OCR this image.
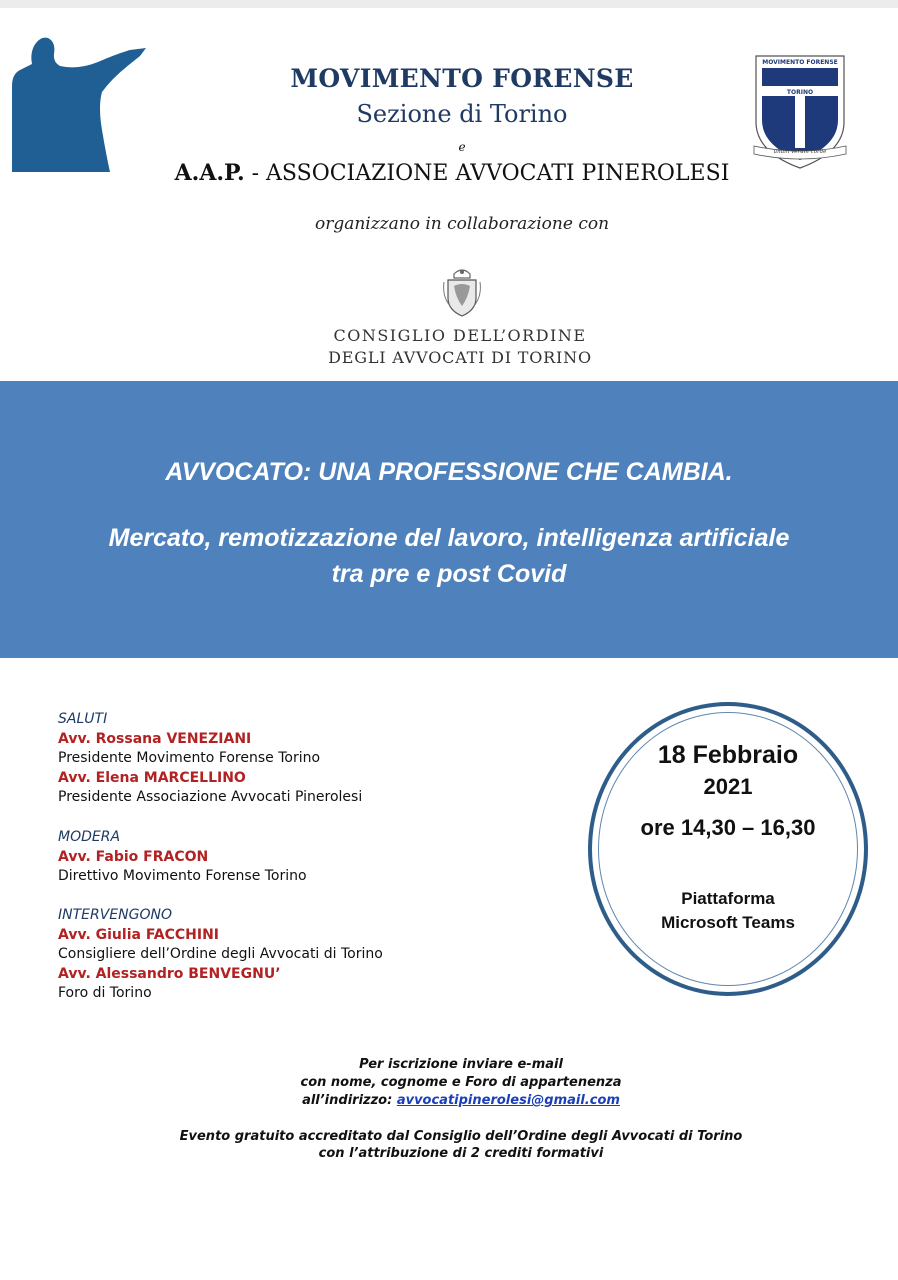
MOVIMENTO FORENSE
TORINO
unum verum corde
MOVIMENTO FORENSE
Sezione di Torino
e
A.A.P. - ASSOCIAZIONE AVVOCATI PINEROLESI
organizzano in collaborazione con
CONSIGLIO DELL’ORDINE
DEGLI AVVOCATI DI TORINO
AVVOCATO: UNA PROFESSIONE CHE CAMBIA.
Mercato, remotizzazione del lavoro, intelligenza artificiale
tra pre e post Covid
SALUTI
Avv. Rossana VENEZIANI
Presidente Movimento Forense Torino
Avv. Elena MARCELLINO
Presidente Associazione Avvocati Pinerolesi
MODERA
Avv. Fabio FRACON
Direttivo Movimento Forense Torino
INTERVENGONO
Avv. Giulia FACCHINI
Consigliere dell’Ordine degli Avvocati di Torino
Avv. Alessandro BENVEGNU’
Foro di Torino
18 Febbraio
2021
ore 14,30 – 16,30
Piattaforma
Microsoft Teams
Per iscrizione inviare e-mail
con nome, cognome e Foro di appartenenza
all’indirizzo: avvocatipinerolesi@gmail.com
Evento gratuito accreditato dal Consiglio dell’Ordine degli Avvocati di Torino
con l’attribuzione di 2 crediti formativi
